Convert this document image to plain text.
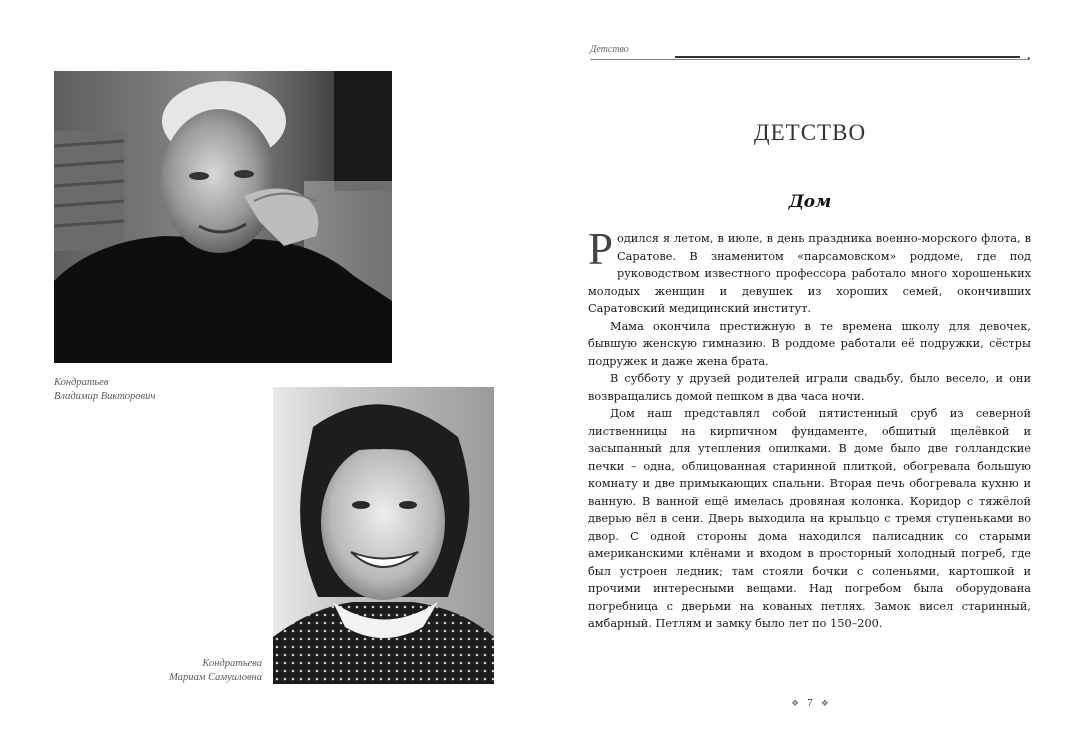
Кондратьев
Владимир Викторович
Кондратьева
Мариам Самуиловна
Детство
•
ДЕТСТВО
Дом

Родился я летом, в июле, в день праздника военно-морского флота, в Саратове. В знаменитом «парсамовском» роддоме, где под руководством известного профессора работало много хорошеньких молодых женщин и девушек из хороших семей, окончивших Саратовский медицинский институт.

Мама окончила престижную в те времена школу для девочек, бывшую женскую гимназию. В роддоме работали её подружки, сёстры подружек и даже жена брата.

В субботу у друзей родителей играли свадьбу, было весело, и они возвращались домой пешком в два часа ночи.

Дом наш представлял собой пятистенный сруб из северной лиственницы на кирпичном фундаменте, обшитый щелёвкой и засыпанный для утепления опилками. В доме было две голландские печки – одна, облицованная старинной плиткой, обогревала большую комнату и две примыкающих спальни. Вторая печь обогревала кухню и ванную. В ванной ещё имелась дровяная колонка. Коридор с тяжёлой дверью вёл в сени. Дверь выходила на крыльцо с тремя ступеньками во двор. С одной стороны дома находился палисадник со старыми американскими клёнами и входом в просторный холодный погреб, где был устроен ледник; там стояли бочки с соленьями, картошкой и прочими интересными вещами. Над погребом была оборудована погребница с дверьми на кованых петлях. Замок висел старинный, амбарный. Петлям и замку было лет по 150–200.

❖ 7 ❖
